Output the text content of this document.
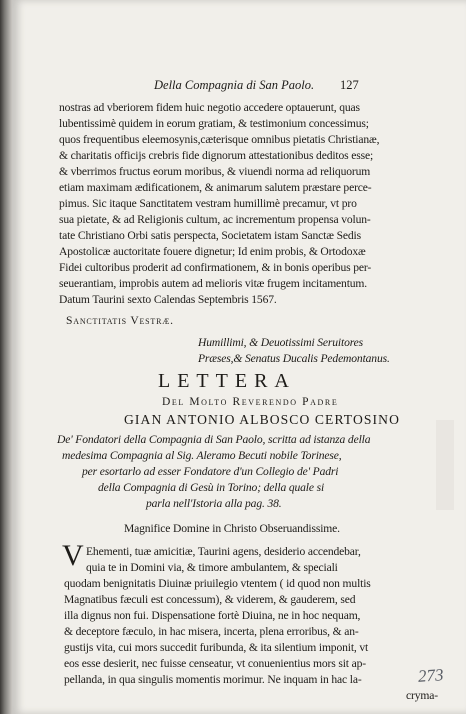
Della Compagnia di San Paolo. 127
nostras ad vberiorem fidem huic negotio accedere optauerunt, quas
lubentissimè quidem in eorum gratiam, & testimonium concessimus;
quos frequentibus eleemosynis,cæterisque omnibus pietatis Christianæ,
& charitatis officijs crebris fide dignorum attestationibus deditos esse;
& vberrimos fructus eorum moribus, & viuendi norma ad reliquorum
etiam maximam ædificationem, & animarum salutem præstare perce-
pimus. Sic itaque Sanctitatem vestram humillimè precamur, vt pro
sua pietate, & ad Religionis cultum, ac incrementum propensa volun-
tate Christiano Orbi satis perspecta, Societatem istam Sanctæ Sedis
Apostolicæ auctoritate fouere dignetur; Id enim probis, & Ortodoxæ
Fidei cultoribus proderit ad confirmationem, & in bonis operibus per-
seuerantiam, improbis autem ad melioris vitæ frugem incitamentum.
Datum Taurini sexto Calendas Septembris 1567.
Sanctitatis Vestræ.
Humillimi, & Deuotissimi Seruitores
Præses,& Senatus Ducalis Pedemontanus.
LETTERA
Del Molto Reverendo Padre
GIAN ANTONIO ALBOSCO CERTOSINO
De' Fondatori della Compagnia di San Paolo, scritta ad istanza della
medesima Compagnia al Sig. Aleramo Becuti nobile Torinese,
per esortarlo ad esser Fondatore d'un Collegio de' Padri
della Compagnia di Gesù in Torino; della quale si
parla nell'Istoria alla pag. 38.
Magnifice Domine in Christo Obseruandissime.
V Ehementi, tuæ amicitiæ, Taurini agens, desiderio accendebar,
quia te in Domini via, & timore ambulantem, & speciali
quodam benignitatis Diuinæ priuilegio vtentem ( id quod non multis
Magnatibus fæculi est concessum), & viderem, & gauderem, sed
illa dignus non fui. Dispensatione fortè Diuina, ne in hoc nequam,
& deceptore fæculo, in hac misera, incerta, plena erroribus, & an-
gustijs vita, cui mors succedit furibunda, & ita silentium imponit, vt
eos esse desierit, nec fuisse censeatur, vt conuenientius mors sit ap-
pellanda, in qua singulis momentis morimur. Ne inquam in hac la-
cryma-
273
